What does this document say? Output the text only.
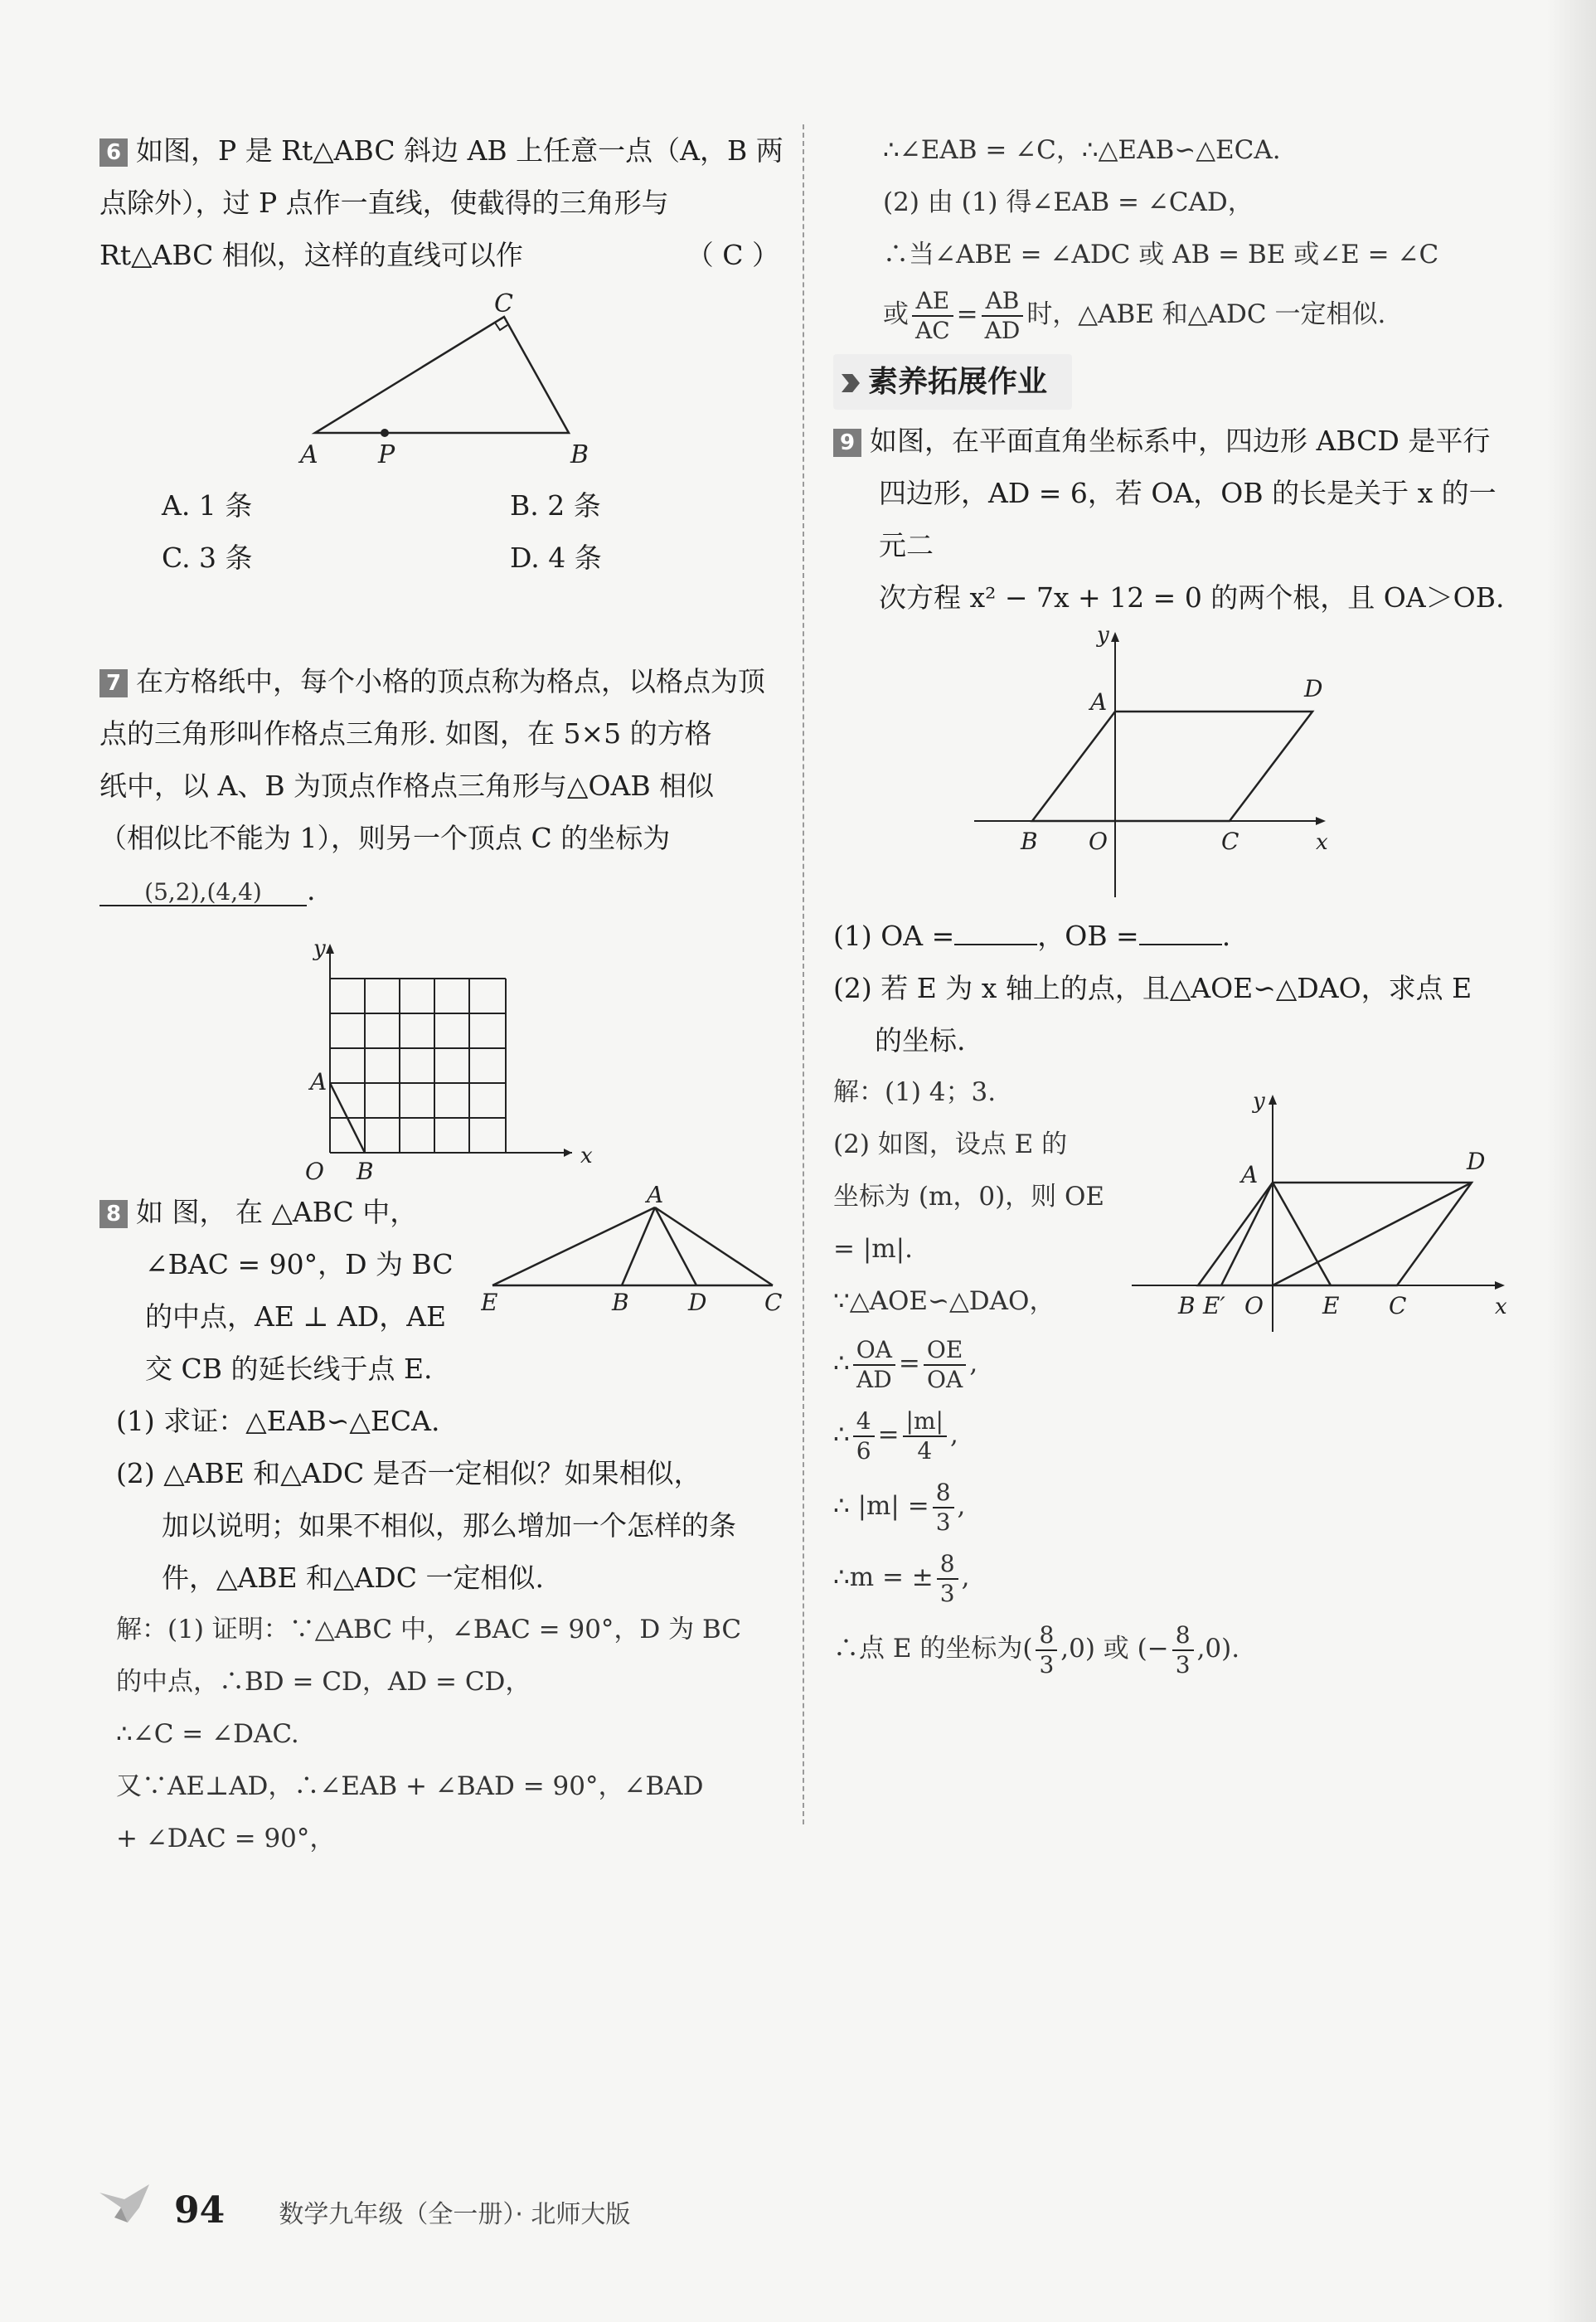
6 如图，P 是 Rt△ABC 斜边 AB 上任意一点（A，B 两
点除外），过 P 点作一直线，使截得的三角形与
Rt△ABC 相似，这样的直线可以作	（ C ）
C
A P	B
A. 1 条	B. 2 条
C. 3 条	D. 4 条
7 在方格纸中，每个小格的顶点称为格点，以格点为顶
点的三角形叫作格点三角形. 如图，在 5×5 的方格
纸中，以 A、B 为顶点作格点三角形与△OAB 相似
（相似比不能为 1），则另一个顶点 C 的坐标为
(5,2),(4,4) .
y
x
O
A
B
8 如 图， 在 △ABC 中，
∠BAC = 90°，D 为 BC
的中点，AE ⊥ AD，AE
交 CB 的延长线于点 E.
A
E	B	D C
(1) 求证：△EAB∽△ECA.
(2) △ABE 和△ADC 是否一定相似？如果相似，
加以说明；如果不相似，那么增加一个怎样的条
件，△ABE 和△ADC 一定相似.
解：(1) 证明：∵△ABC 中，∠BAC = 90°，D 为 BC
的中点，∴BD = CD，AD = CD，
∴∠C = ∠DAC.
又∵AE⊥AD，∴∠EAB + ∠BAD = 90°，∠BAD
+ ∠DAC = 90°，
∴∠EAB = ∠C，∴△EAB∽△ECA.
(2) 由 (1) 得∠EAB = ∠CAD，
∴当∠ABE = ∠ADC 或 AB = BE 或∠E = ∠C
或 $\frac{AE}{AC} = \frac{AB}{AD}$ 时，△ABE 和△ADC 一定相似.
素养拓展作业
9 如图，在平面直角坐标系中，四边形 ABCD 是平行
四边形，AD = 6，若 OA，OB 的长是关于 x 的一元二
次方程 x² − 7x + 12 = 0 的两个根，且 OA＞OB.
y
A	D
B O	C	x
(1) OA =	，OB =	.
(2) 若 E 为 x 轴上的点，且△AOE∽△DAO，求点 E
的坐标.
解：(1) 4；3.
(2) 如图，设点 E 的
坐标为 (m，0)，则 OE
= |m|.
∵△AOE∽△DAO，
∴ $\frac{OA}{AD} = \frac{OE}{OA}$ ,
∴ $\frac{4}{6} = \frac{|m|}{4}$ ,
∴ $|m| = \frac{8}{3}$ ,
∴m = ± $\frac{8}{3}$ ,
∴点 E 的坐标为( $\frac{8}{3} ,0$) 或 (− $\frac{8}{3} ,0$).
y
A	D
B E′ O	E C	x
94 数学九年级（全一册）· 北师大版
